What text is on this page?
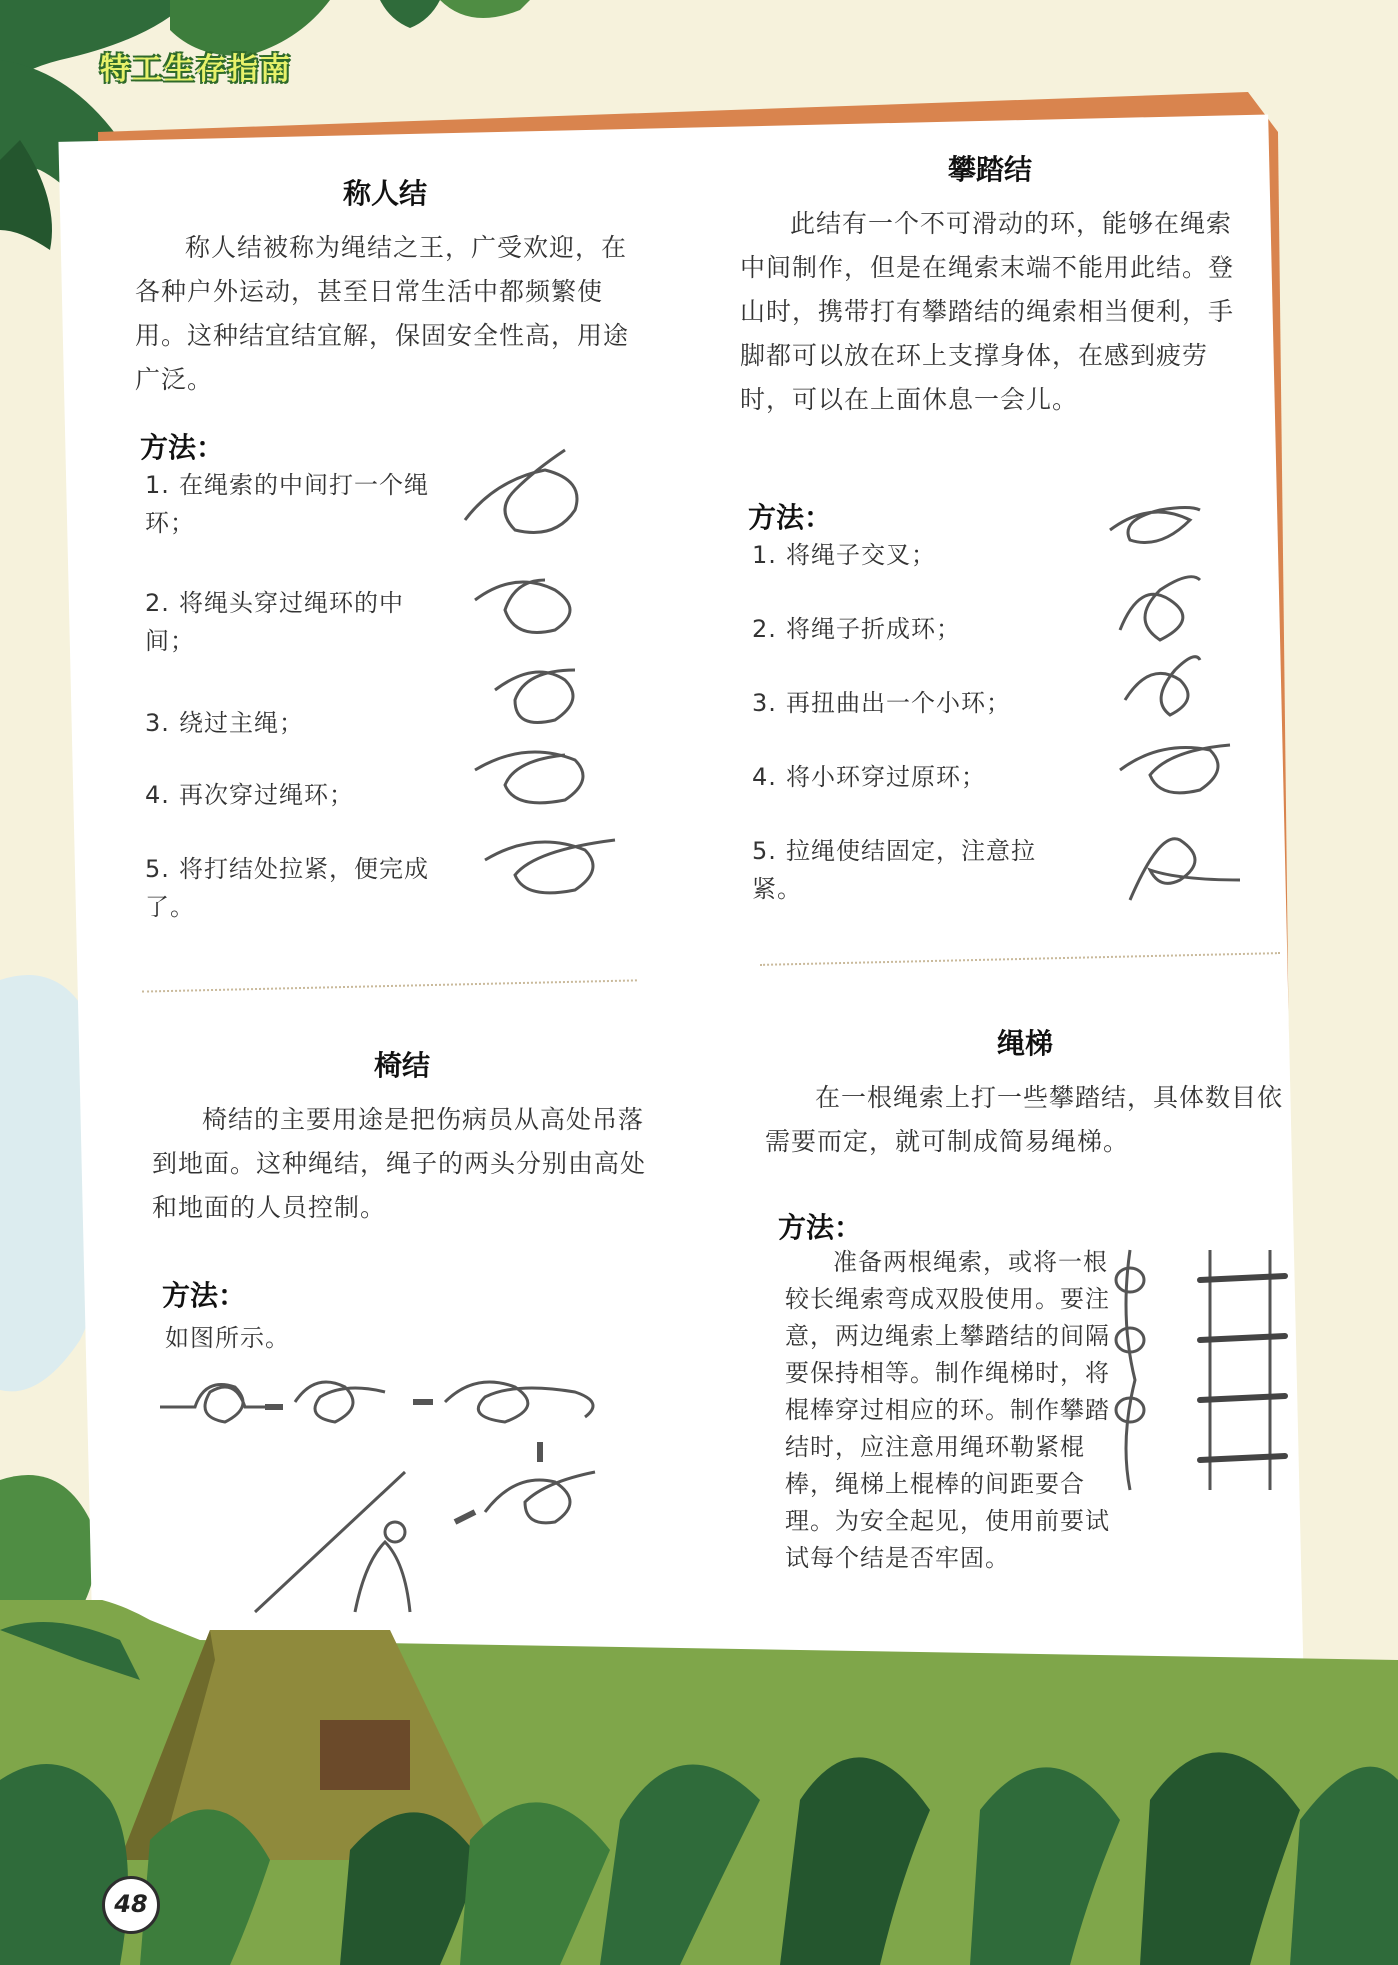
特工生存指南
称人结

称人结被称为绳结之王，广受欢迎，在各种户外运动，甚至日常生活中都频繁使用。这种结宜结宜解，保固安全性高，用途广泛。

方法：
1. 在绳索的中间打一个绳环；
2. 将绳头穿过绳环的中间；
3. 绕过主绳；
4. 再次穿过绳环；
5. 将打结处拉紧，便完成了。
攀踏结

此结有一个不可滑动的环，能够在绳索中间制作，但是在绳索末端不能用此结。登山时，携带打有攀踏结的绳索相当便利，手脚都可以放在环上支撑身体，在感到疲劳时，可以在上面休息一会儿。

方法：
1. 将绳子交叉；
2. 将绳子折成环；
3. 再扭曲出一个小环；
4. 将小环穿过原环；
5. 拉绳使结固定，注意拉紧。
椅结

椅结的主要用途是把伤病员从高处吊落到地面。这种绳结，绳子的两头分别由高处和地面的人员控制。

方法：
如图所示。
绳梯

在一根绳索上打一些攀踏结，具体数目依需要而定，就可制成简易绳梯。

方法：
准备两根绳索，或将一根较长绳索弯成双股使用。要注意，两边绳索上攀踏结的间隔要保持相等。制作绳梯时，将棍棒穿过相应的环。制作攀踏结时，应注意用绳环勒紧棍棒，绳梯上棍棒的间距要合理。为安全起见，使用前要试试每个结是否牢固。
48
